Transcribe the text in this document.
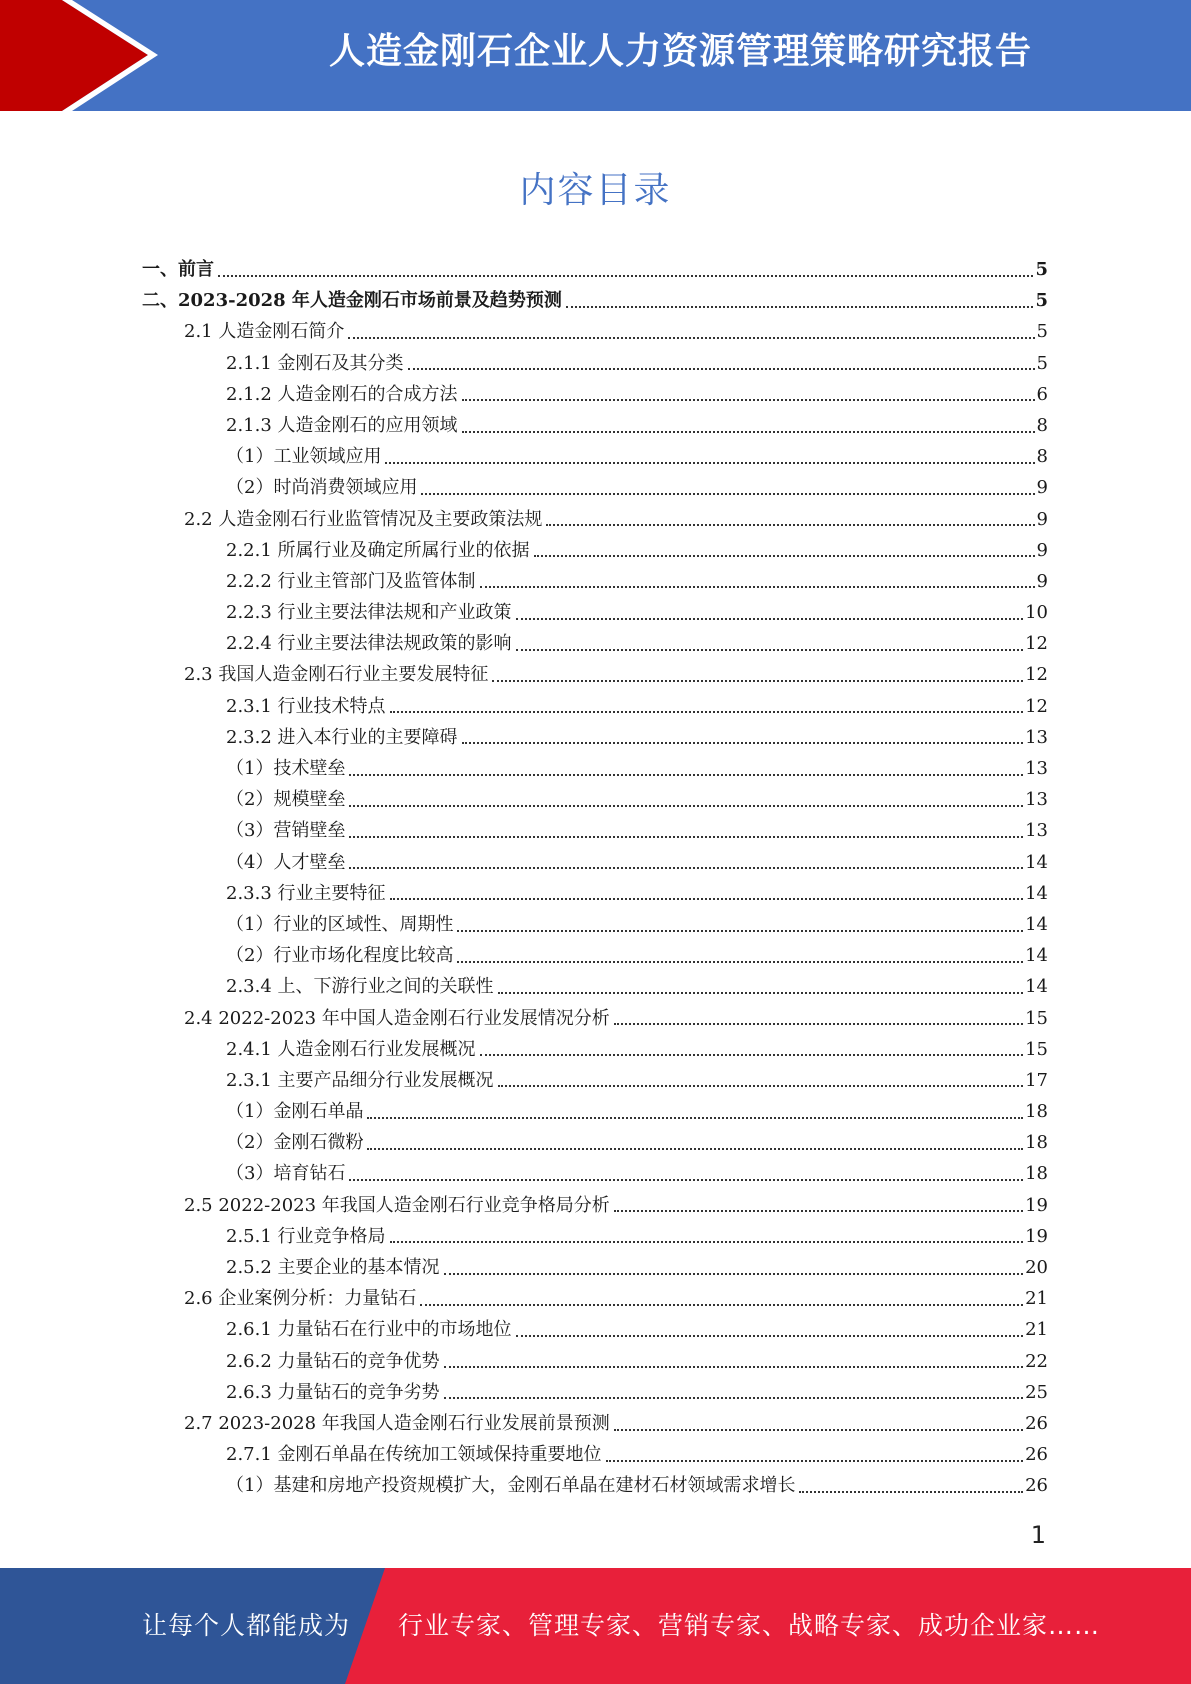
人造金刚石企业人力资源管理策略研究报告
内容目录
一、前言	5
二、2023-2028 年人造金刚石市场前景及趋势预测	5
2.1 人造金刚石简介	5
2.1.1 金刚石及其分类	5
2.1.2 人造金刚石的合成方法	6
2.1.3 人造金刚石的应用领域	8
（1）工业领域应用	8
（2）时尚消费领域应用	9
2.2 人造金刚石行业监管情况及主要政策法规	9
2.2.1 所属行业及确定所属行业的依据	9
2.2.2 行业主管部门及监管体制	9
2.2.3 行业主要法律法规和产业政策	10
2.2.4 行业主要法律法规政策的影响	12
2.3 我国人造金刚石行业主要发展特征	12
2.3.1 行业技术特点	12
2.3.2 进入本行业的主要障碍	13
（1）技术壁垒	13
（2）规模壁垒	13
（3）营销壁垒	13
（4）人才壁垒	14
2.3.3 行业主要特征	14
（1）行业的区域性、周期性	14
（2）行业市场化程度比较高	14
2.3.4 上、下游行业之间的关联性	14
2.4 2022-2023 年中国人造金刚石行业发展情况分析	15
2.4.1 人造金刚石行业发展概况	15
2.3.1 主要产品细分行业发展概况	17
（1）金刚石单晶	18
（2）金刚石微粉	18
（3）培育钻石	18
2.5 2022-2023 年我国人造金刚石行业竞争格局分析	19
2.5.1 行业竞争格局	19
2.5.2 主要企业的基本情况	20
2.6 企业案例分析：力量钻石	21
2.6.1 力量钻石在行业中的市场地位	21
2.6.2 力量钻石的竞争优势	22
2.6.3 力量钻石的竞争劣势	25
2.7 2023-2028 年我国人造金刚石行业发展前景预测	26
2.7.1 金刚石单晶在传统加工领域保持重要地位	26
（1）基建和房地产投资规模扩大，金刚石单晶在建材石材领域需求增长	26
1
让每个人都能成为 行业专家、管理专家、营销专家、战略专家、成功企业家……
